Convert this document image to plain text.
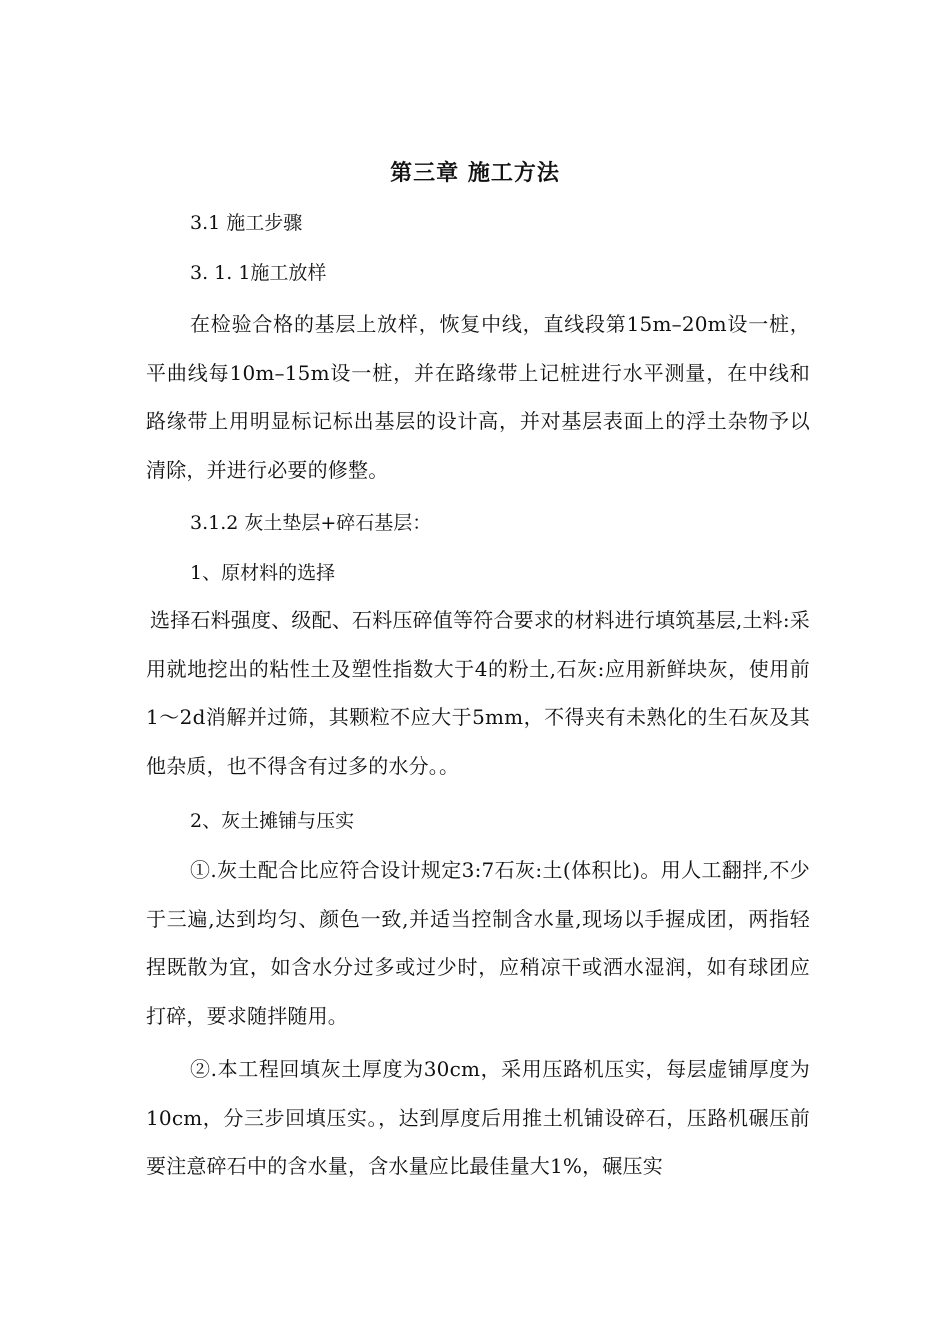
第三章 施工方法
3.1 施工步骤
3. 1. 1施工放样
在检验合格的基层上放样，恢复中线，直线段第15m–20m设一桩，平曲线每10m–15m设一桩，并在路缘带上记桩进行水平测量，在中线和路缘带上用明显标记标出基层的设计高，并对基层表面上的浮土杂物予以清除，并进行必要的修整。
3.1.2 灰土垫层+碎石基层：
1、原材料的选择
选择石料强度、级配、石料压碎值等符合要求的材料进行填筑基层,土料:采用就地挖出的粘性土及塑性指数大于4的粉土,石灰:应用新鲜块灰，使用前1～2d消解并过筛，其颗粒不应大于5mm，不得夹有未熟化的生石灰及其他杂质，也不得含有过多的水分。。
2、灰土摊铺与压实
①.灰土配合比应符合设计规定3:7石灰:土(体积比)。用人工翻拌,不少于三遍,达到均匀、颜色一致,并适当控制含水量,现场以手握成团，两指轻捏既散为宜，如含水分过多或过少时，应稍凉干或洒水湿润，如有球团应打碎，要求随拌随用。
②.本工程回填灰土厚度为30cm，采用压路机压实，每层虚铺厚度为10cm，分三步回填压实。，达到厚度后用推土机铺设碎石，压路机碾压前要注意碎石中的含水量，含水量应比最佳量大1%，碾压实
